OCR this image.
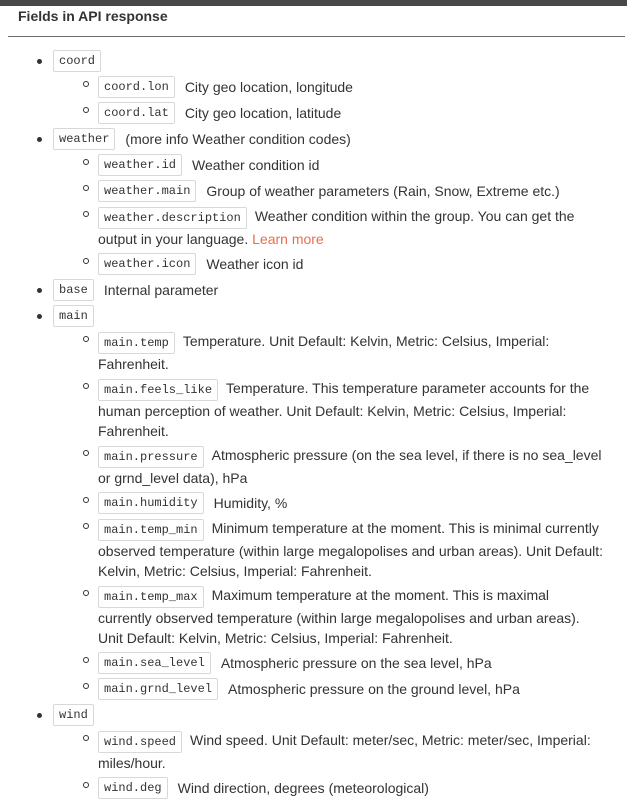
Fields in API response
coord
coord.lon	City geo location, longitude
coord.lat	City geo location, latitude
weather	(more info Weather condition codes)
weather.id	Weather condition id
weather.main	Group of weather parameters (Rain, Snow, Extreme etc.)
weather.description Weather condition within the group. You can get the output in your language. Learn more
weather.icon	Weather icon id
base	Internal parameter
main
main.temp Temperature. Unit Default: Kelvin, Metric: Celsius, Imperial: Fahrenheit.
main.feels_like Temperature. This temperature parameter accounts for the human perception of weather. Unit Default: Kelvin, Metric: Celsius, Imperial: Fahrenheit.
main.pressure Atmospheric pressure (on the sea level, if there is no sea_level or grnd_level data), hPa
main.humidity	Humidity, %
main.temp_min Minimum temperature at the moment. This is minimal currently observed temperature (within large megalopolises and urban areas). Unit Default: Kelvin, Metric: Celsius, Imperial: Fahrenheit.
main.temp_max Maximum temperature at the moment. This is maximal currently observed temperature (within large megalopolises and urban areas). Unit Default: Kelvin, Metric: Celsius, Imperial: Fahrenheit.
main.sea_level	Atmospheric pressure on the sea level, hPa
main.grnd_level	Atmospheric pressure on the ground level, hPa
wind
wind.speed Wind speed. Unit Default: meter/sec, Metric: meter/sec, Imperial: miles/hour.
wind.deg	Wind direction, degrees (meteorological)
